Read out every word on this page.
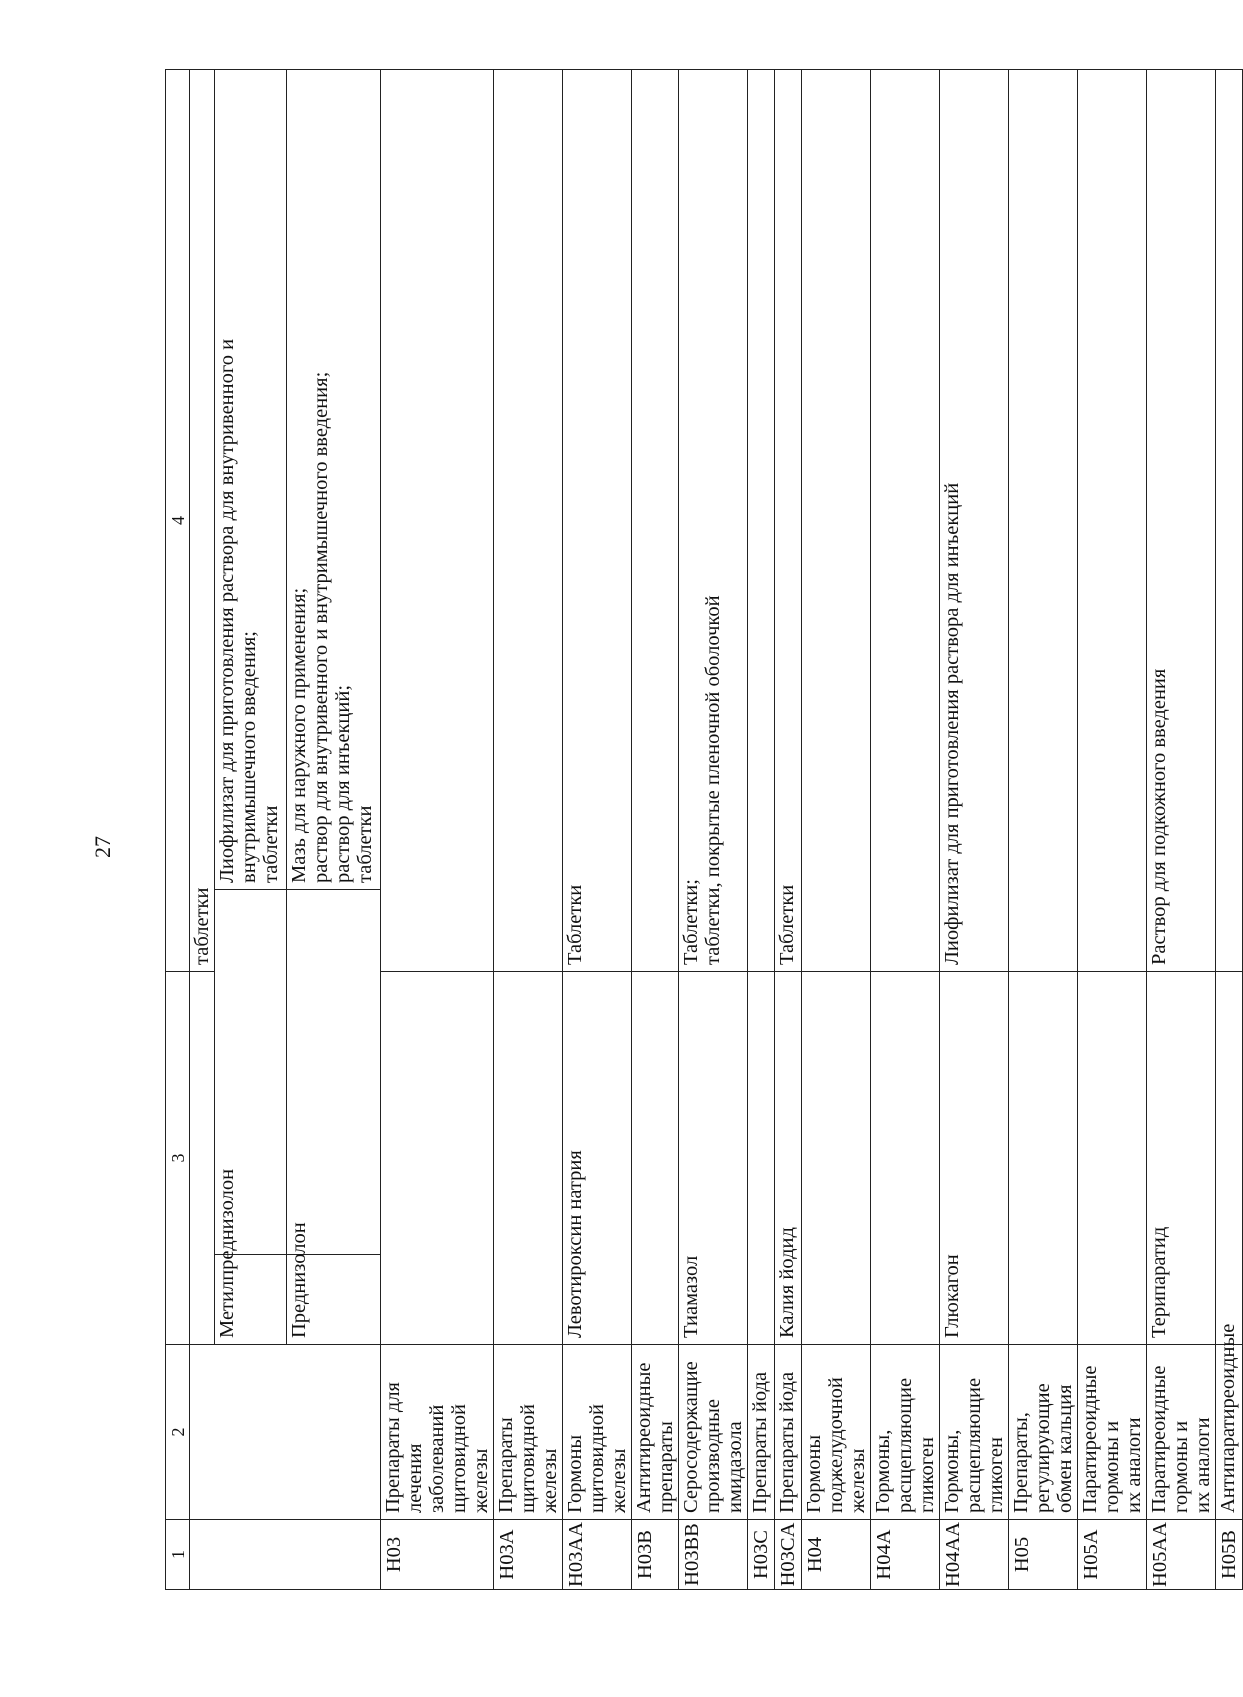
27
1	2	3		4	
				таблетки	
		Метилпреднизолон			Лиофилизат для приготовления раствора для внутривенного и
внутримышечного введения;
таблетки
		Преднизолон			Мазь для наружного применения;
раствор для внутривенного и внутримышечного введения;
раствор для инъекций;
таблетки
H03	Препараты для лечения
заболеваний щитовидной
железы				
H03A	Препараты щитовидной
железы				
H03AA	Гормоны щитовидной
железы	Левотироксин натрия		Таблетки	
H03B	Антитиреоидные препараты				
H03BB	Серосодержащие
производные имидазола	Тиамазол		Таблетки;
таблетки, покрытые пленочной оболочкой	
H03C	Препараты йода				
H03CA	Препараты йода	Калия йодид		Таблетки	
H04	Гормоны поджелудочной
железы				
H04A	Гормоны, расщепляющие
гликоген				
H04AA	Гормоны, расщепляющие
гликоген	Глюкагон		Лиофилизат для приготовления раствора для инъекций	
H05	Препараты, регулирующие
обмен кальция				
H05A	Паратиреоидные гормоны и
их аналоги				
H05AA	Паратиреоидные гормоны и
их аналоги	Терипаратид		Раствор для подкожного введения	
H05B	Антипаратиреоидные				
